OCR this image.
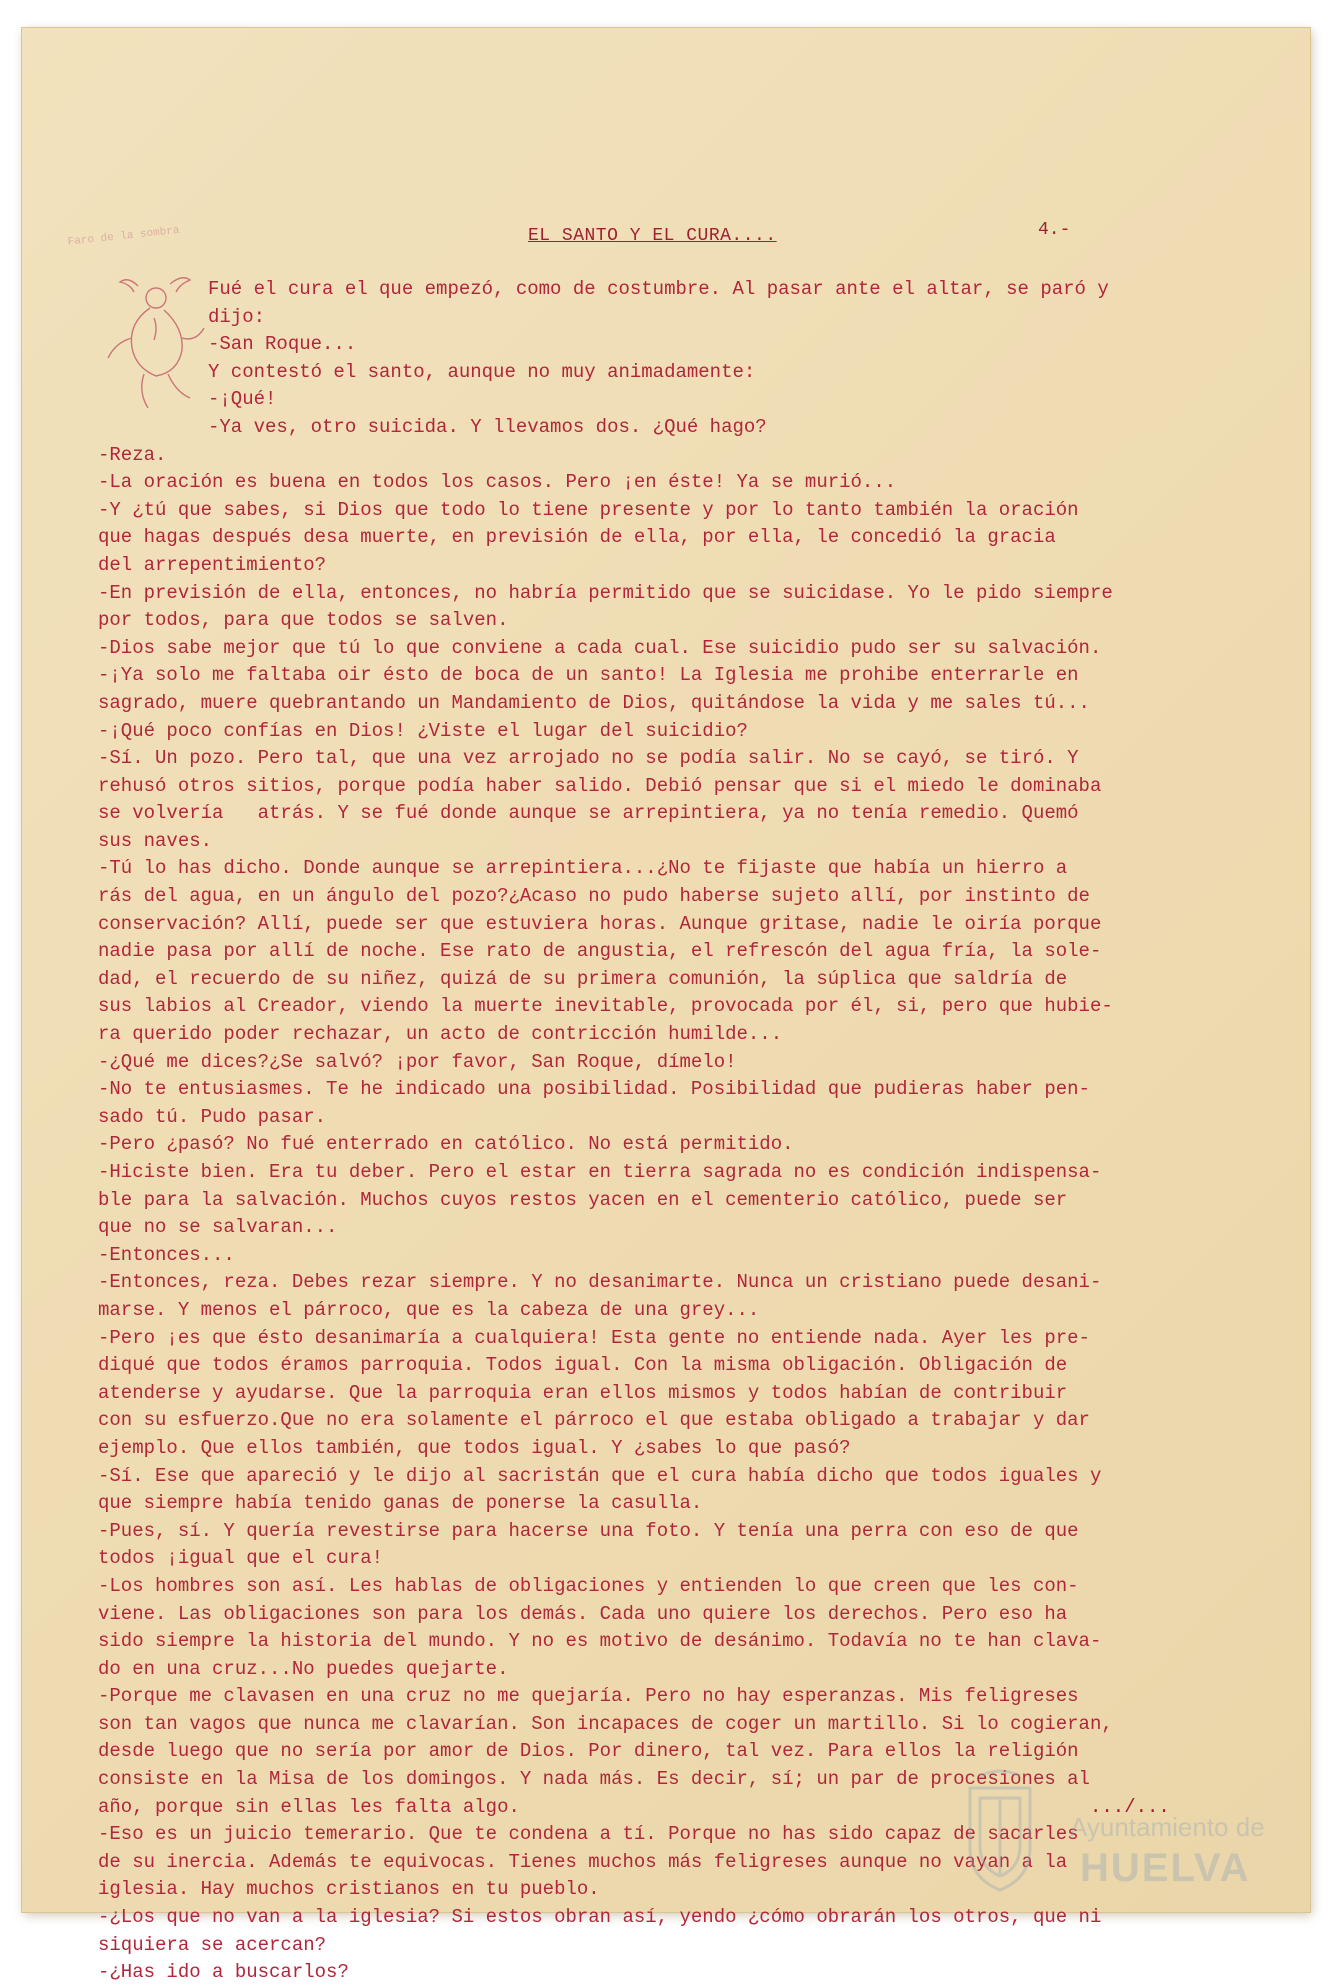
Faro de la sombra	EL SANTO Y EL CURA....	4.-
Fué el cura el que empezó, como de costumbre. Al pasar ante el altar, se paró y
dijo:
-San Roque...
Y contestó el santo, aunque no muy animadamente:
-¡Qué!
-Ya ves, otro suicida. Y llevamos dos. ¿Qué hago?
-Reza.
-La oración es buena en todos los casos. Pero ¡en éste! Ya se murió...
-Y ¿tú que sabes, si Dios que todo lo tiene presente y por lo tanto también la oración
que hagas después desa muerte, en previsión de ella, por ella, le concedió la gracia
del arrepentimiento?
-En previsión de ella, entonces, no habría permitido que se suicidase. Yo le pido siempre
por todos, para que todos se salven.
-Dios sabe mejor que tú lo que conviene a cada cual. Ese suicidio pudo ser su salvación.
-¡Ya solo me faltaba oir ésto de boca de un santo! La Iglesia me prohibe enterrarle en
sagrado, muere quebrantando un Mandamiento de Dios, quitándose la vida y me sales tú...
-¡Qué poco confías en Dios! ¿Viste el lugar del suicidio?
-Sí. Un pozo. Pero tal, que una vez arrojado no se podía salir. No se cayó, se tiró. Y
rehusó otros sitios, porque podía haber salido. Debió pensar que si el miedo le dominaba
se volvería   atrás. Y se fué donde aunque se arrepintiera, ya no tenía remedio. Quemó
sus naves.
-Tú lo has dicho. Donde aunque se arrepintiera...¿No te fijaste que había un hierro a
rás del agua, en un ángulo del pozo?¿Acaso no pudo haberse sujeto allí, por instinto de
conservación? Allí, puede ser que estuviera horas. Aunque gritase, nadie le oiría porque
nadie pasa por allí de noche. Ese rato de angustia, el refrescón del agua fría, la sole-
dad, el recuerdo de su niñez, quizá de su primera comunión, la súplica que saldría de
sus labios al Creador, viendo la muerte inevitable, provocada por él, si, pero que hubie-
ra querido poder rechazar, un acto de contricción humilde...
-¿Qué me dices?¿Se salvó? ¡por favor, San Roque, dímelo!
-No te entusiasmes. Te he indicado una posibilidad. Posibilidad que pudieras haber pen-
sado tú. Pudo pasar.
-Pero ¿pasó? No fué enterrado en católico. No está permitido.
-Hiciste bien. Era tu deber. Pero el estar en tierra sagrada no es condición indispensa-
ble para la salvación. Muchos cuyos restos yacen en el cementerio católico, puede ser
que no se salvaran...
-Entonces...
-Entonces, reza. Debes rezar siempre. Y no desanimarte. Nunca un cristiano puede desani-
marse. Y menos el párroco, que es la cabeza de una grey...
-Pero ¡es que ésto desanimaría a cualquiera! Esta gente no entiende nada. Ayer les pre-
diqué que todos éramos parroquia. Todos igual. Con la misma obligación. Obligación de
atenderse y ayudarse. Que la parroquia eran ellos mismos y todos habían de contribuir
con su esfuerzo.Que no era solamente el párroco el que estaba obligado a trabajar y dar
ejemplo. Que ellos también, que todos igual. Y ¿sabes lo que pasó?
-Sí. Ese que apareció y le dijo al sacristán que el cura había dicho que todos iguales y
que siempre había tenido ganas de ponerse la casulla.
-Pues, sí. Y quería revestirse para hacerse una foto. Y tenía una perra con eso de que
todos ¡igual que el cura!
-Los hombres son así. Les hablas de obligaciones y entienden lo que creen que les con-
viene. Las obligaciones son para los demás. Cada uno quiere los derechos. Pero eso ha
sido siempre la historia del mundo. Y no es motivo de desánimo. Todavía no te han clava-
do en una cruz...No puedes quejarte.
-Porque me clavasen en una cruz no me quejaría. Pero no hay esperanzas. Mis feligreses
son tan vagos que nunca me clavarían. Son incapaces de coger un martillo. Si lo cogieran,
desde luego que no sería por amor de Dios. Por dinero, tal vez. Para ellos la religión
consiste en la Misa de los domingos. Y nada más. Es decir, sí; un par de procesiones al
año, porque sin ellas les falta algo.
-Eso es un juicio temerario. Que te condena a tí. Porque no has sido capaz de sacarles
de su inercia. Además te equivocas. Tienes muchos más feligreses aunque no vayan a la
iglesia. Hay muchos cristianos en tu pueblo.
-¿Los que no van a la iglesia? Si estos obran así, yendo ¿cómo obrarán los otros, que ni
siquiera se acercan?
-¿Has ido a buscarlos?
.../...
Ayuntamiento de
HUELVA
